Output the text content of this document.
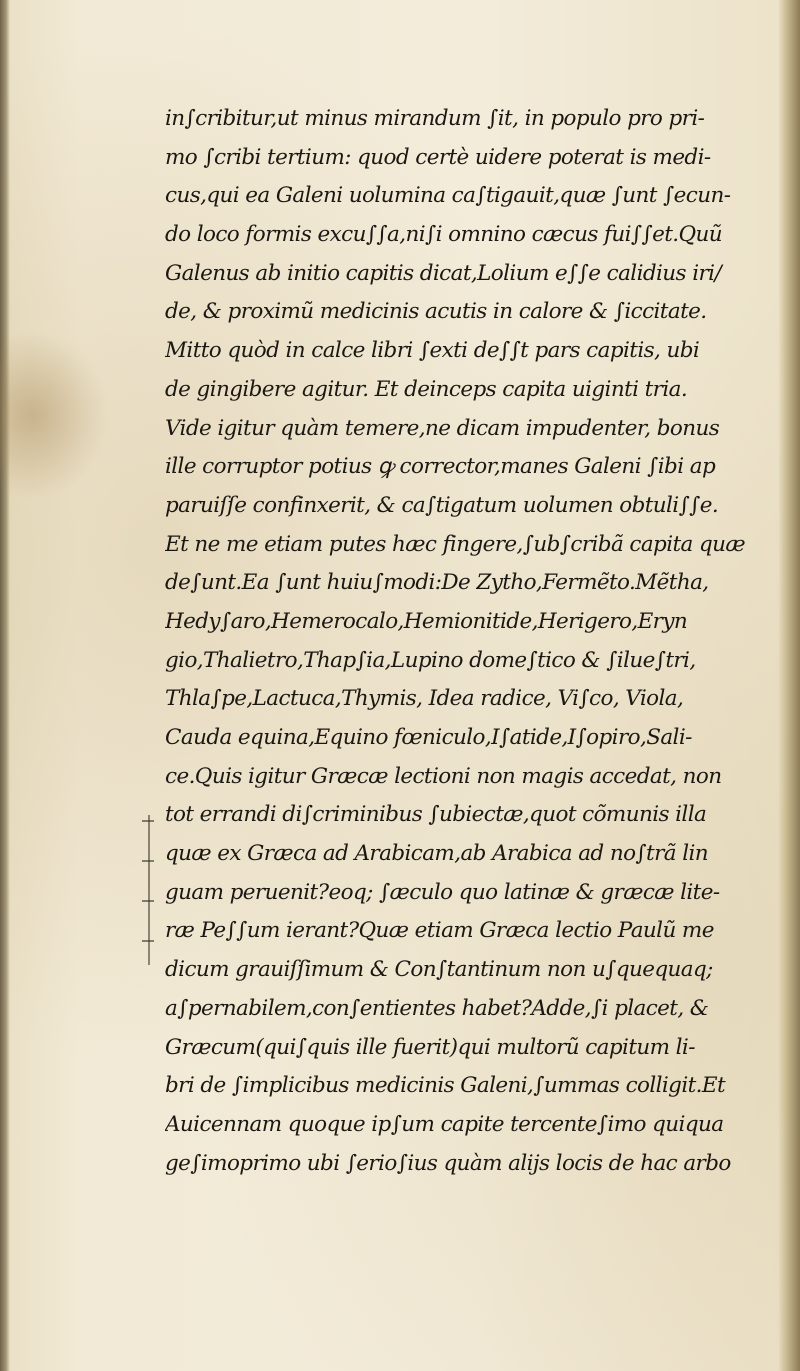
in∫cribitur,ut minus mirandum ∫it, in populo pro pri-
mo ∫cribi tertium: quod certè uidere poterat is medi-
cus,qui ea Galeni uolumina ca∫tigauit,quæ ∫unt ∫ecun-
do loco formis excu∫∫a,ni∫i omnino cæcus fui∫∫et.Quũ
Galenus ab initio capitis dicat,Lolium e∫∫e calidius iri/
de, & proximũ medicinis acutis in calore & ∫iccitate.
Mitto quòd in calce libri ∫exti de∫∫t pars capitis, ubi
de gingibere agitur. Et deinceps capita uiginti tria.
Vide igitur quàm temere,ne dicam impudenter, bonus
ille corruptor potius ꝙ corrector,manes Galeni ∫ibi ap
paruiſſe confinxerit, & ca∫tigatum uolumen obtuli∫∫e.
Et ne me etiam putes hæc fingere,∫ub∫cribã capita quæ
de∫unt.Ea ∫unt huiu∫modi:De Zytho,Fermẽto.Mẽtha,
Hedy∫aro,Hemerocalo,Hemionitide,Herigero,Eryn
gio,Thalietro,Thap∫ia,Lupino dome∫tico & ∫ilue∫tri,
Thla∫pe,Lactuca,Thymis, Idea radice, Vi∫co, Viola,
Cauda equina,Equino fœniculo,I∫atide,I∫opiro,Sali-
ce.Quis igitur Græcæ lectioni non magis accedat, non
tot errandi di∫criminibus ∫ubiectæ,quot cõmunis illa
quæ ex Græca ad Arabicam,ab Arabica ad no∫trã lin
guam peruenit?eoq; ∫æculo quo latinæ & græcæ lite-
ræ Pe∫∫um ierant?Quæ etiam Græca lectio Paulũ me
dicum grauiſſimum & Con∫tantinum non u∫quequaq;
a∫pernabilem,con∫entientes habet?Adde,∫i placet, &
Græcum(qui∫quis ille fuerit)qui multorũ capitum li-
bri de ∫implicibus medicinis Galeni,∫ummas colligit.Et
Auicennam quoque ip∫um capite tercente∫imo quiqua
ge∫imoprimo ubi ∫erio∫ius quàm alijs locis de hac arbo
